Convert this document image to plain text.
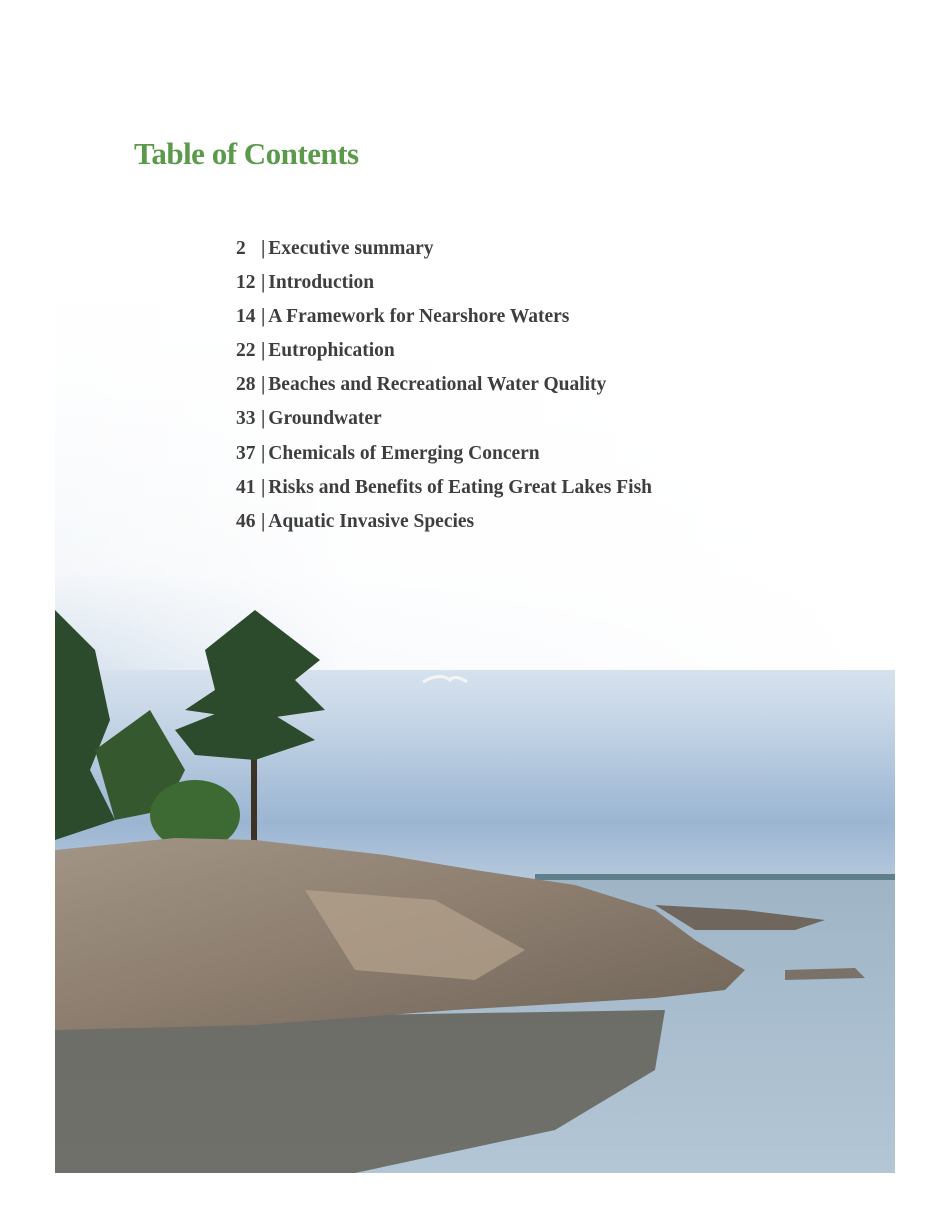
Table of Contents
2 | Executive summary
12 | Introduction
14 | A Framework for Nearshore Waters
22 | Eutrophication
28 | Beaches and Recreational Water Quality
33 | Groundwater
37 | Chemicals of Emerging Concern
41 | Risks and Benefits of Eating Great Lakes Fish
46 | Aquatic Invasive Species
